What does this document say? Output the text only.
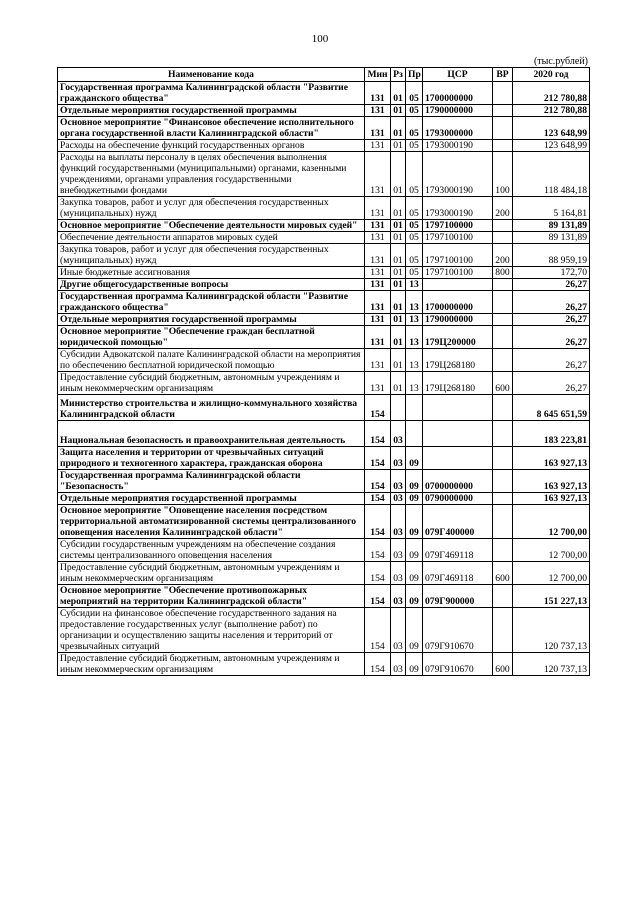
100
(тыс.рублей)
Наименование кода	Мин	Рз	Пр	ЦСР	ВР	2020 год
Государственная программа Калининградской области "Развитие гражданского общества"	131	01	05	1700000000		212 780,88
Отдельные мероприятия государственной программы	131	01	05	1790000000		212 780,88
Основное мероприятие "Финансовое обеспечение исполнительного органа государственной власти Калининградской области"	131	01	05	1793000000		123 648,99
Расходы на обеспечение функций государственных органов	131	01	05	1793000190		123 648,99
Расходы на выплаты персоналу в целях обеспечения выполнения функций государственными (муниципальными) органами, казенными учреждениями, органами управления государственными внебюджетными фондами	131	01	05	1793000190	100	118 484,18
Закупка товаров, работ и услуг для обеспечения государственных (муниципальных) нужд	131	01	05	1793000190	200	5 164,81
Основное мероприятие "Обеспечение деятельности мировых судей"	131	01	05	1797100000		89 131,89
Обеспечение деятельности аппаратов мировых судей	131	01	05	1797100100		89 131,89
Закупка товаров, работ и услуг для обеспечения государственных (муниципальных) нужд	131	01	05	1797100100	200	88 959,19
Иные бюджетные ассигнования	131	01	05	1797100100	800	172,70
Другие общегосударственные вопросы	131	01	13			26,27
Государственная программа Калининградской области "Развитие гражданского общества"	131	01	13	1700000000		26,27
Отдельные мероприятия государственной программы	131	01	13	1790000000		26,27
Основное мероприятие "Обеспечение граждан бесплатной юридической помощью"	131	01	13	179Ц200000		26,27
Субсидии Адвокатской палате Калининградской области на мероприятия по обеспечению бесплатной юридической помощью	131	01	13	179Ц268180		26,27
Предоставление субсидий бюджетным, автономным учреждениям и иным некоммерческим организациям	131	01	13	179Ц268180	600	26,27
Министерство строительства и жилищно-коммунального хозяйства Калининградской области	154					8 645 651,59
Национальная безопасность и правоохранительная деятельность	154	03				183 223,81
Защита населения и территории от чрезвычайных ситуаций природного и техногенного характера, гражданская оборона	154	03	09			163 927,13
Государственная программа Калининградской области "Безопасность"	154	03	09	0700000000		163 927,13
Отдельные мероприятия государственной программы	154	03	09	0790000000		163 927,13
Основное мероприятие "Оповещение населения посредством территориальной автоматизированной системы централизованного оповещения населения Калининградской области"	154	03	09	079Г400000		12 700,00
Субсидии государственным учреждениям на обеспечение создания системы централизованного оповещения населения	154	03	09	079Г469118		12 700,00
Предоставление субсидий бюджетным, автономным учреждениям и иным некоммерческим организациям	154	03	09	079Г469118	600	12 700,00
Основное мероприятие "Обеспечение противопожарных мероприятий на территории Калининградской области"	154	03	09	079Г900000		151 227,13
Субсидии на финансовое обеспечение государственного задания на предоставление государственных услуг (выполнение работ) по организации и осуществлению защиты населения и территорий от чрезвычайных ситуаций	154	03	09	079Г910670		120 737,13
Предоставление субсидий бюджетным, автономным учреждениям и иным некоммерческим организациям	154	03	09	079Г910670	600	120 737,13
